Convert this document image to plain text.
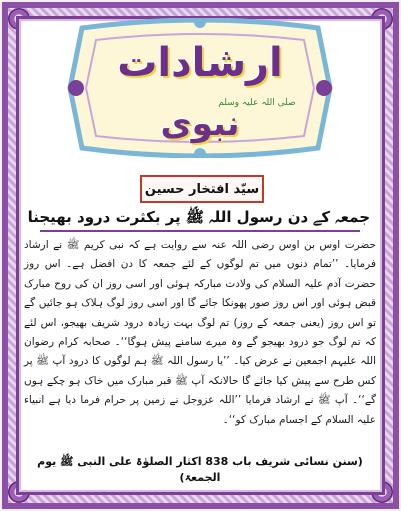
ارشادات
صلی اللہ علیہ وسلم
نبوی
سیّد افتخار حسین
جمعہ کے دن رسول اللہ ﷺ پر بکثرت درود بھیجنا

حضرت اوس بن اوس رضی اللہ عنہ سے روایت ہے کہ نبی کریم ﷺ نے ارشاد فرمایا۔ ’’تمام دنوں میں تم لوگوں کے لئے جمعہ کا دن افضل ہے۔ اس روز حضرت آدم علیہ السلام کی ولادت مبارکہ ہوئی اور اسی روز ان کی روح مبارک قبض ہوئی اور اس روز صور پھونکا جائے گا اور اسی روز لوگ ہلاک ہو جائیں گے تو اس روز (یعنی جمعہ کے روز) تم لوگ بہت زیادہ درود شریف بھیجو، اس لئے کہ تم لوگ جو درود بھیجو گے وہ میرے سامنے پیش ہوگا‘‘۔ صحابہ کرام رضوان اللہ علیہم اجمعین نے عرض کیا۔ ’’یا رسول اللہ ﷺ ہم لوگوں کا درود آپ ﷺ پر کس طرح سے پیش کیا جائے گا حالانکہ آپ ﷺ قبر مبارک میں خاک ہو چکے ہوں گے‘‘۔ آپ ﷺ نے ارشاد فرمایا ’’اللہ عزوجل نے زمین پر حرام فرما دیا ہے انبیاء علیہ السلام کے اجسام مبارک کو‘‘۔

(سنن نسائی شریف باب 838 اکثار الصلوٰۃ علی النبی ﷺ یوم الجمعۃ)
